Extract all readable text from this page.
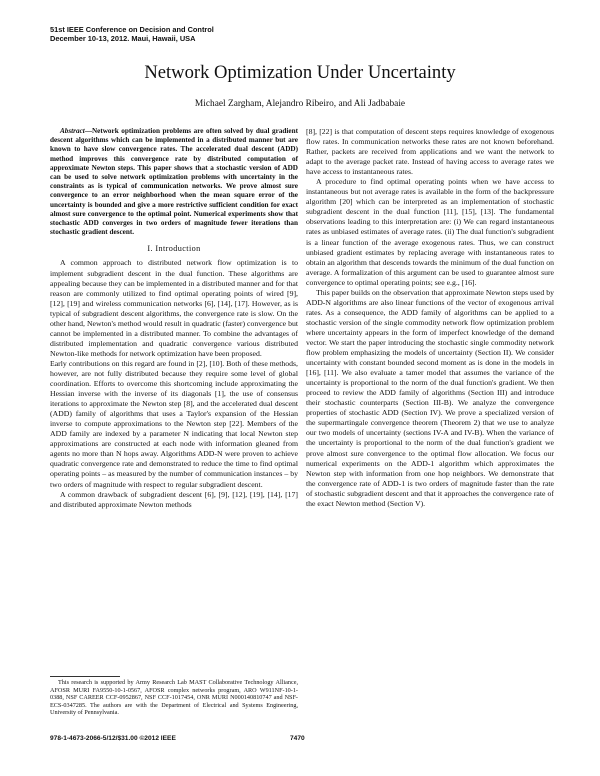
51st IEEE Conference on Decision and Control
December 10-13, 2012. Maui, Hawaii, USA
Network Optimization Under Uncertainty
Michael Zargham, Alejandro Ribeiro, and Ali Jadbabaie

Abstract—Network optimization problems are often solved by dual gradient descent algorithms which can be implemented in a distributed manner but are known to have slow convergence rates. The accelerated dual descent (ADD) method improves this convergence rate by distributed computation of approximate Newton steps. This paper shows that a stochastic version of ADD can be used to solve network optimization problems with uncertainty in the constraints as is typical of communication networks. We prove almost sure convergence to an error neighborhood when the mean square error of the uncertainty is bounded and give a more restrictive sufficient condition for exact almost sure convergence to the optimal point. Numerical experiments show that stochastic ADD converges in two orders of magnitude fewer iterations than stochastic gradient descent.

I. Introduction

A common approach to distributed network flow optimization is to implement subgradient descent in the dual function. These algorithms are appealing because they can be implemented in a distributed manner and for that reason are commonly utilized to find optimal operating points of wired [9], [12], [19] and wireless communication networks [6], [14], [17]. However, as is typical of subgradient descent algorithms, the convergence rate is slow. On the other hand, Newton's method would result in quadratic (faster) convergence but cannot be implemented in a distributed manner. To combine the advantages of distributed implementation and quadratic convergence various distributed Newton-like methods for network optimization have been proposed.

Early contributions on this regard are found in [2], [10]. Both of these methods, however, are not fully distributed because they require some level of global coordination. Efforts to overcome this shortcoming include approximating the Hessian inverse with the inverse of its diagonals [1], the use of consensus iterations to approximate the Newton step [8], and the accelerated dual descent (ADD) family of algorithms that uses a Taylor's expansion of the Hessian inverse to compute approximations to the Newton step [22]. Members of the ADD family are indexed by a parameter N indicating that local Newton step approximations are constructed at each node with information gleaned from agents no more than N hops away. Algorithms ADD-N were proven to achieve quadratic convergence rate and demonstrated to reduce the time to find optimal operating points – as measured by the number of communication instances – by two orders of magnitude with respect to regular subgradient descent.

A common drawback of subgradient descent [6], [9], [12], [19], [14], [17] and distributed approximate Newton methods

[8], [22] is that computation of descent steps requires knowledge of exogenous flow rates. In communication networks these rates are not known beforehand. Rather, packets are received from applications and we want the network to adapt to the average packet rate. Instead of having access to average rates we have access to instantaneous rates.

A procedure to find optimal operating points when we have access to instantaneous but not average rates is available in the form of the backpressure algorithm [20] which can be interpreted as an implementation of stochastic subgradient descent in the dual function [11], [15], [13]. The fundamental observations leading to this interpretation are: (i) We can regard instantaneous rates as unbiased estimates of average rates. (ii) The dual function's subgradient is a linear function of the average exogenous rates. Thus, we can construct unbiased gradient estimates by replacing average with instantaneous rates to obtain an algorithm that descends towards the minimum of the dual function on average. A formalization of this argument can be used to guarantee almost sure convergence to optimal operating points; see e.g., [16].

This paper builds on the observation that approximate Newton steps used by ADD-N algorithms are also linear functions of the vector of exogenous arrival rates. As a consequence, the ADD family of algorithms can be applied to a stochastic version of the single commodity network flow optimization problem where uncertainty appears in the form of imperfect knowledge of the demand vector. We start the paper introducing the stochastic single commodity network flow problem emphasizing the models of uncertainty (Section II). We consider uncertainty with constant bounded second moment as is done in the models in [16], [11]. We also evaluate a tamer model that assumes the variance of the uncertainty is proportional to the norm of the dual function's gradient. We then proceed to review the ADD family of algorithms (Section III) and introduce their stochastic counterparts (Section III-B). We analyze the convergence properties of stochastic ADD (Section IV). We prove a specialized version of the supermartingale convergence theorem (Theorem 2) that we use to analyze our two models of uncertainty (sections IV-A and IV-B). When the variance of the uncertainty is proportional to the norm of the dual function's gradient we prove almost sure convergence to the optimal flow allocation. We focus our numerical experiments on the ADD-1 algorithm which approximates the Newton step with information from one hop neighbors. We demonstrate that the convergence rate of ADD-1 is two orders of magnitude faster than the rate of stochastic subgradient descent and that it approaches the convergence rate of the exact Newton method (Section V).

This research is supported by Army Research Lab MAST Collaborative Technology Alliance, AFOSR MURI FA9550-10-1-0567, AFOSR complex networks program, ARO W911NF-10-1-0388, NSF CAREER CCF-0952867, NSF CCF-1017454, ONR MURI N000140810747 and NSF-ECS-0347285. The authors are with the Department of Electrical and Systems Engineering, University of Pennsylvania.
978-1-4673-2066-5/12/$31.00 ©2012 IEEE	7470
